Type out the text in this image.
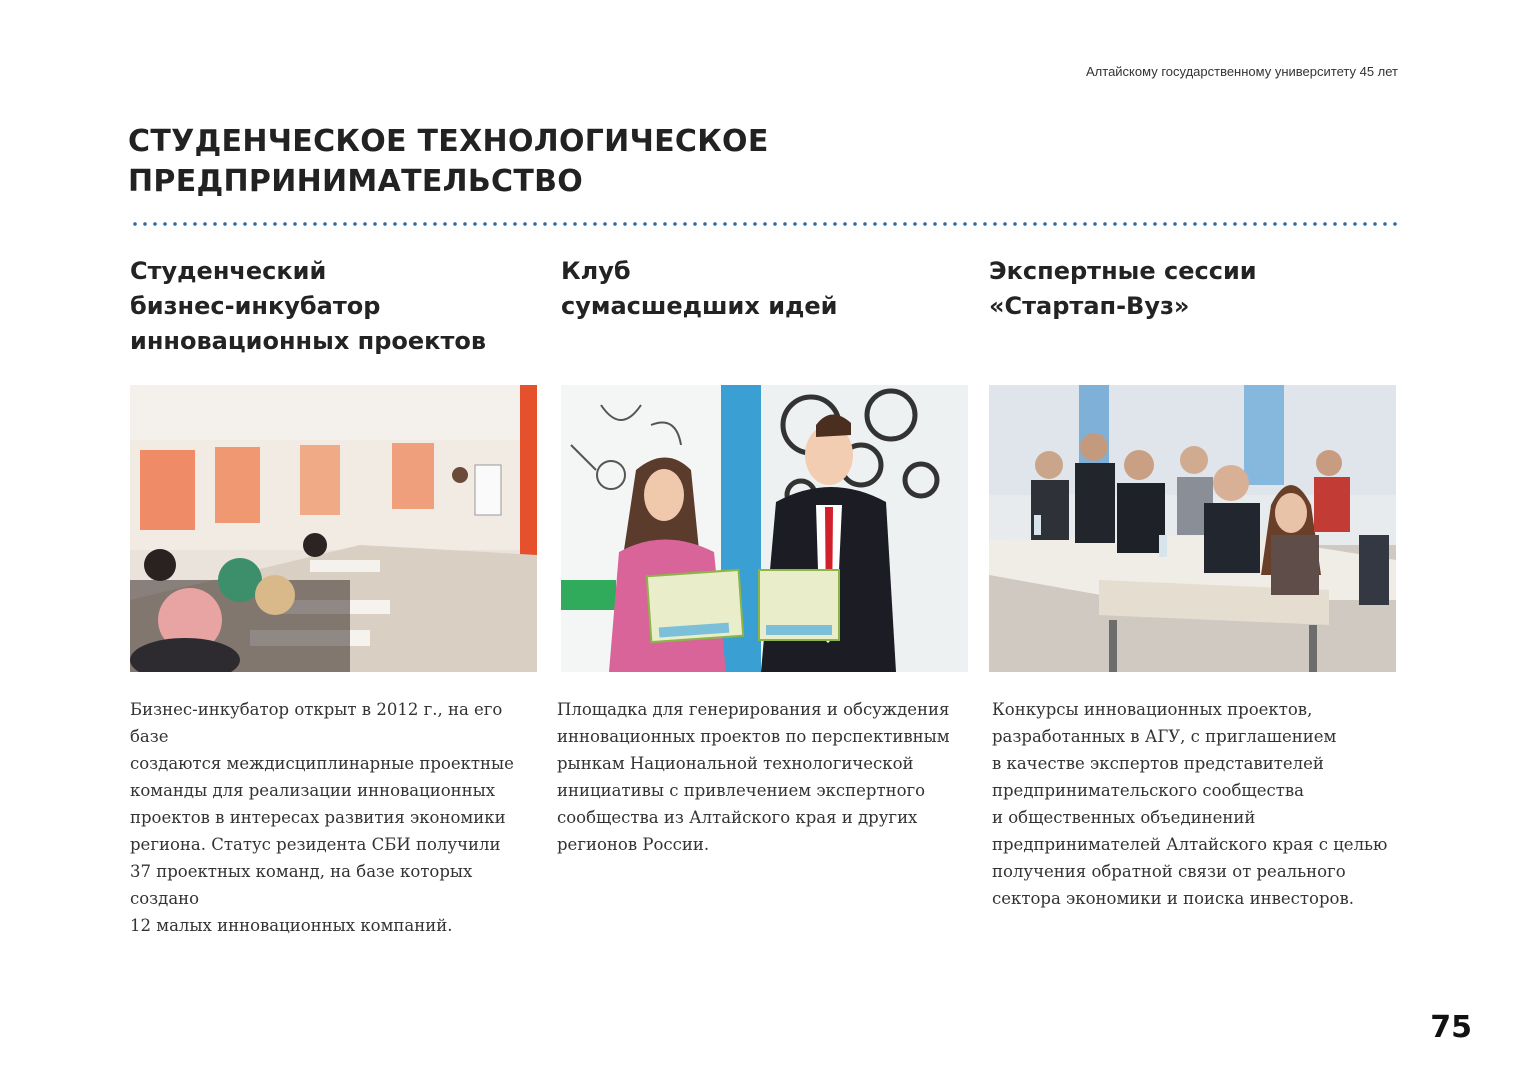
Алтайскому государственному университету 45 лет
СТУДЕНЧЕСКОЕ ТЕХНОЛОГИЧЕСКОЕ
ПРЕДПРИНИМАТЕЛЬСТВО
Студенческий
бизнес-инкубатор
инновационных проектов

Бизнес-инкубатор открыт в 2012 г., на его базе
создаются междисциплинарные проектные
команды для реализации инновационных
проектов в интересах развития экономики
региона. Статус резидента СБИ получили
37 проектных команд, на базе которых создано
12 малых инновационных компаний.

Клуб
сумасшедших идей

Площадка для генерирования и обсуждения
инновационных проектов по перспективным
рынкам Национальной технологической
инициативы с привлечением экспертного
сообщества из Алтайского края и других
регионов России.

Экспертные сессии
«Стартап-Вуз»

Конкурсы инновационных проектов,
разработанных в АГУ, с приглашением
в качестве экспертов представителей
предпринимательского сообщества
и общественных объединений
предпринимателей Алтайского края с целью
получения обратной связи от реального
сектора экономики и поиска инвесторов.

75
